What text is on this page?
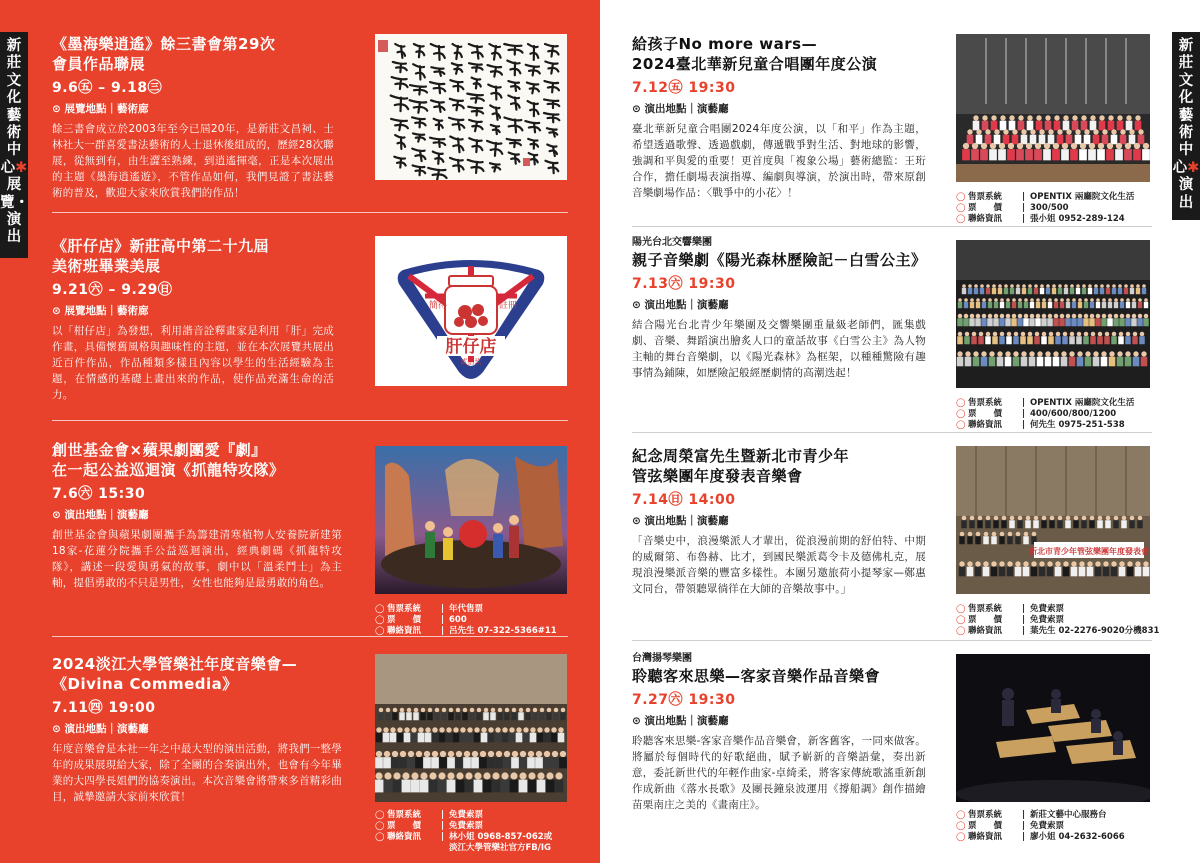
新莊文化藝術中心✱展覽・演出
《墨海樂逍遙》餘三書會第29次
會員作品聯展
9.6㊄ – 9.18㊂
⊙ 展覽地點｜藝術廊
餘三書會成立於2003年至今已屆20年，是新莊文昌祠、士林社大一群喜愛書法藝術的人士退休後組成的，歷經28次聯展，從無到有，由生澀至熟練，到逍遙揮毫，正是本次展出的主題《墨海逍遙遊》，不管作品如何，我們見證了書法藝術的普及，歡迎大家來欣賞我們的作品！
《肝仔店》新莊高中第二十九屆
美術班畢業美展
9.21㊅ – 9.29㊐
⊙ 展覽地點｜藝術廊
以「柑仔店」為發想，利用諧音詮釋畫家是利用「肝」完成作畫，具備懷舊風格與趣味性的主題，並在本次展覽共展出近百件作品，作品種類多樣且內容以學生的生活經驗為主題，在情感的基礎上畫出來的作品，使作品充滿生命的活力。
簡得	註冊
肝仔店
貳拾玖
創世基金會×蘋果劇團愛『劇』
在一起公益巡迴演《抓龍特攻隊》
7.6㊅ 15:30
⊙ 演出地點｜演藝廳
創世基金會與蘋果劇團攜手為籌建清寒植物人安養院新建第18家-花蓮分院攜手公益巡迴演出，經典劇碼《抓龍特攻隊》，講述一段愛與勇氣的故事，劇中以「溫柔鬥士」為主軸，提倡勇敢的不只是男性，女性也能夠是最勇敢的角色。
◯ 售票系統	| 年代售票
◯ 票　　價	| 600
◯ 聯絡資訊	| 呂先生 07-322-5366#11
2024淡江大學管樂社年度音樂會—
《Divina Commedia》
7.11㊃ 19:00
⊙ 演出地點｜演藝廳
年度音樂會是本社一年之中最大型的演出活動，將我們一整學年的成果展現給大家，除了全團的合奏演出外，也會有今年畢業的大四學長姐們的協奏演出。本次音樂會將帶來多首精彩曲目，誠摯邀請大家前來欣賞！
◯ 售票系統	| 免費索票
◯ 票　　價	| 免費索票
◯ 聯絡資訊	| 林小姐 0968-857-062或
淡江大學管樂社官方FB/IG
給孩子No more wars—
2024臺北華新兒童合唱團年度公演
7.12㊄ 19:30
⊙ 演出地點｜演藝廳
臺北華新兒童合唱團2024年度公演，以「和平」作為主題，希望透過歌聲、透過戲劇，傳遞戰爭對生活、對地球的影響，強調和平與愛的重要！更首度與「複象公場」藝術總監：王珩合作，擔任劇場表演指導、編劇與導演，於演出時，帶來原創音樂劇場作品：〈戰爭中的小花〉！	◯ 售票系統	| OPENTIX 兩廳院文化生活
◯ 票　　價	| 300/500
◯ 聯絡資訊	| 張小姐 0952-289-124
陽光台北交響樂團
親子音樂劇《陽光森林歷險記－白雪公主》
7.13㊅ 19:30
⊙ 演出地點｜演藝廳
結合陽光台北青少年樂團及交響樂團重量級老師們，匯集戲劇、音樂、舞蹈演出膾炙人口的童話故事《白雪公主》為人物主軸的舞台音樂劇，以《陽光森林》為框架，以種種驚險有趣事情為鋪陳，如歷險記般經歷劇情的高潮迭起！
◯ 售票系統	| OPENTIX 兩廳院文化生活
◯ 票　　價	| 400/600/800/1200
◯ 聯絡資訊	| 何先生 0975-251-538
紀念周榮富先生暨新北市青少年
管弦樂團年度發表音樂會
7.14㊐ 14:00
⊙ 演出地點｜演藝廳
「音樂史中，浪漫樂派人才輩出，從浪漫前期的舒伯特、中期的威爾第、布魯赫、比才，到國民樂派葛令卡及德佛札克，展現浪漫樂派音樂的豐富多樣性。本團另邀旅荷小提琴家—鄭惠文同台，帶領聽眾徜徉在大師的音樂故事中。」
新北市青少年管弦樂團年度發表會
◯ 售票系統	| 免費索票
◯ 票　　價	| 免費索票
◯ 聯絡資訊	| 葉先生 02-2276-9020分機831
台灣揚琴樂團
聆聽客來思樂—客家音樂作品音樂會
7.27㊅ 19:30
⊙ 演出地點｜演藝廳
聆聽客來思樂-客家音樂作品音樂會，新客舊客，一同來做客。將屬於每個時代的好歌絕曲，賦予嶄新的音樂語彙，奏出新意，委託新世代的年輕作曲家-卓綺柔，將客家傳統歌謠重新創作成新曲《落水長歌》及團長鐘泉波運用《撐船調》創作描繪苗栗南庄之美的《畫南庄》。
◯ 售票系統	| 新莊文藝中心服務台
◯ 票　　價	| 免費索票
◯ 聯絡資訊	| 廖小姐 04-2632-6066
新莊文化藝術中心✱演出
